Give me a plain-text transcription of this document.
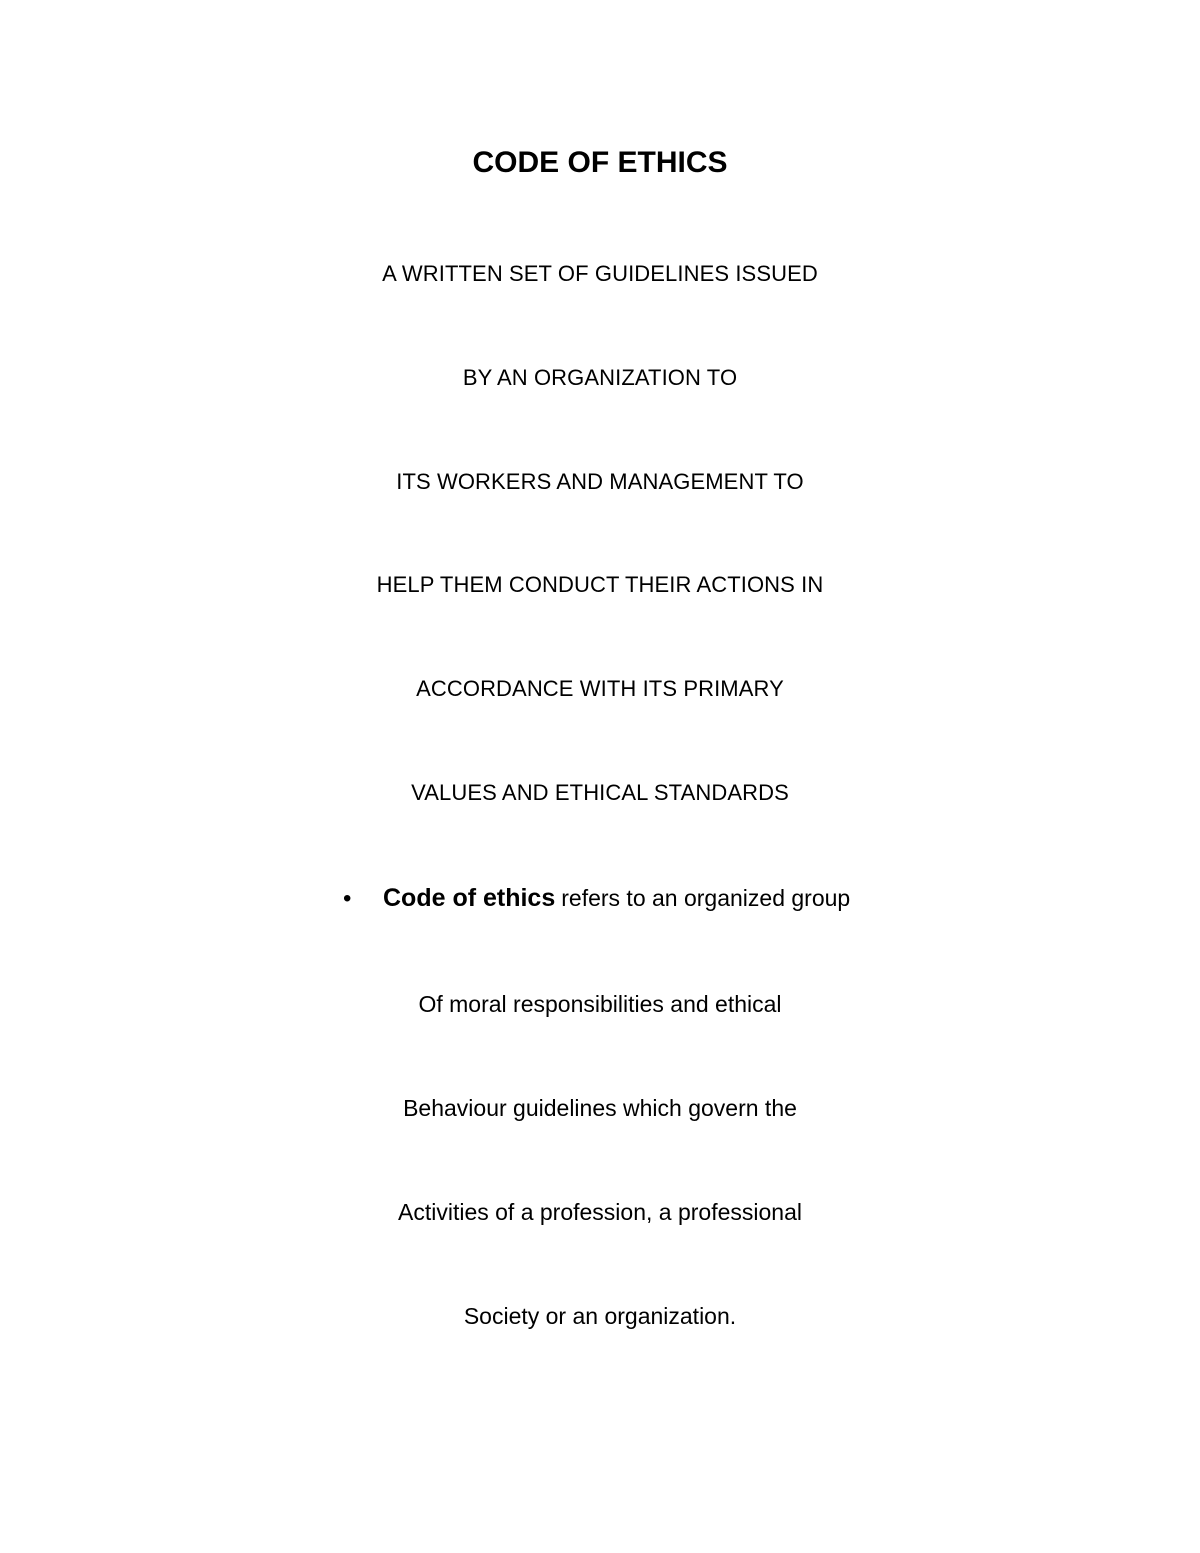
CODE OF ETHICS
A WRITTEN SET OF GUIDELINES ISSUED
BY AN ORGANIZATION TO
ITS WORKERS AND MANAGEMENT TO
HELP THEM CONDUCT THEIR ACTIONS IN
ACCORDANCE WITH ITS PRIMARY
VALUES AND ETHICAL STANDARDS
•	Code of ethics refers to an organized group
Of moral responsibilities and ethical
Behaviour guidelines which govern the
Activities of a profession, a professional
Society or an organization.
